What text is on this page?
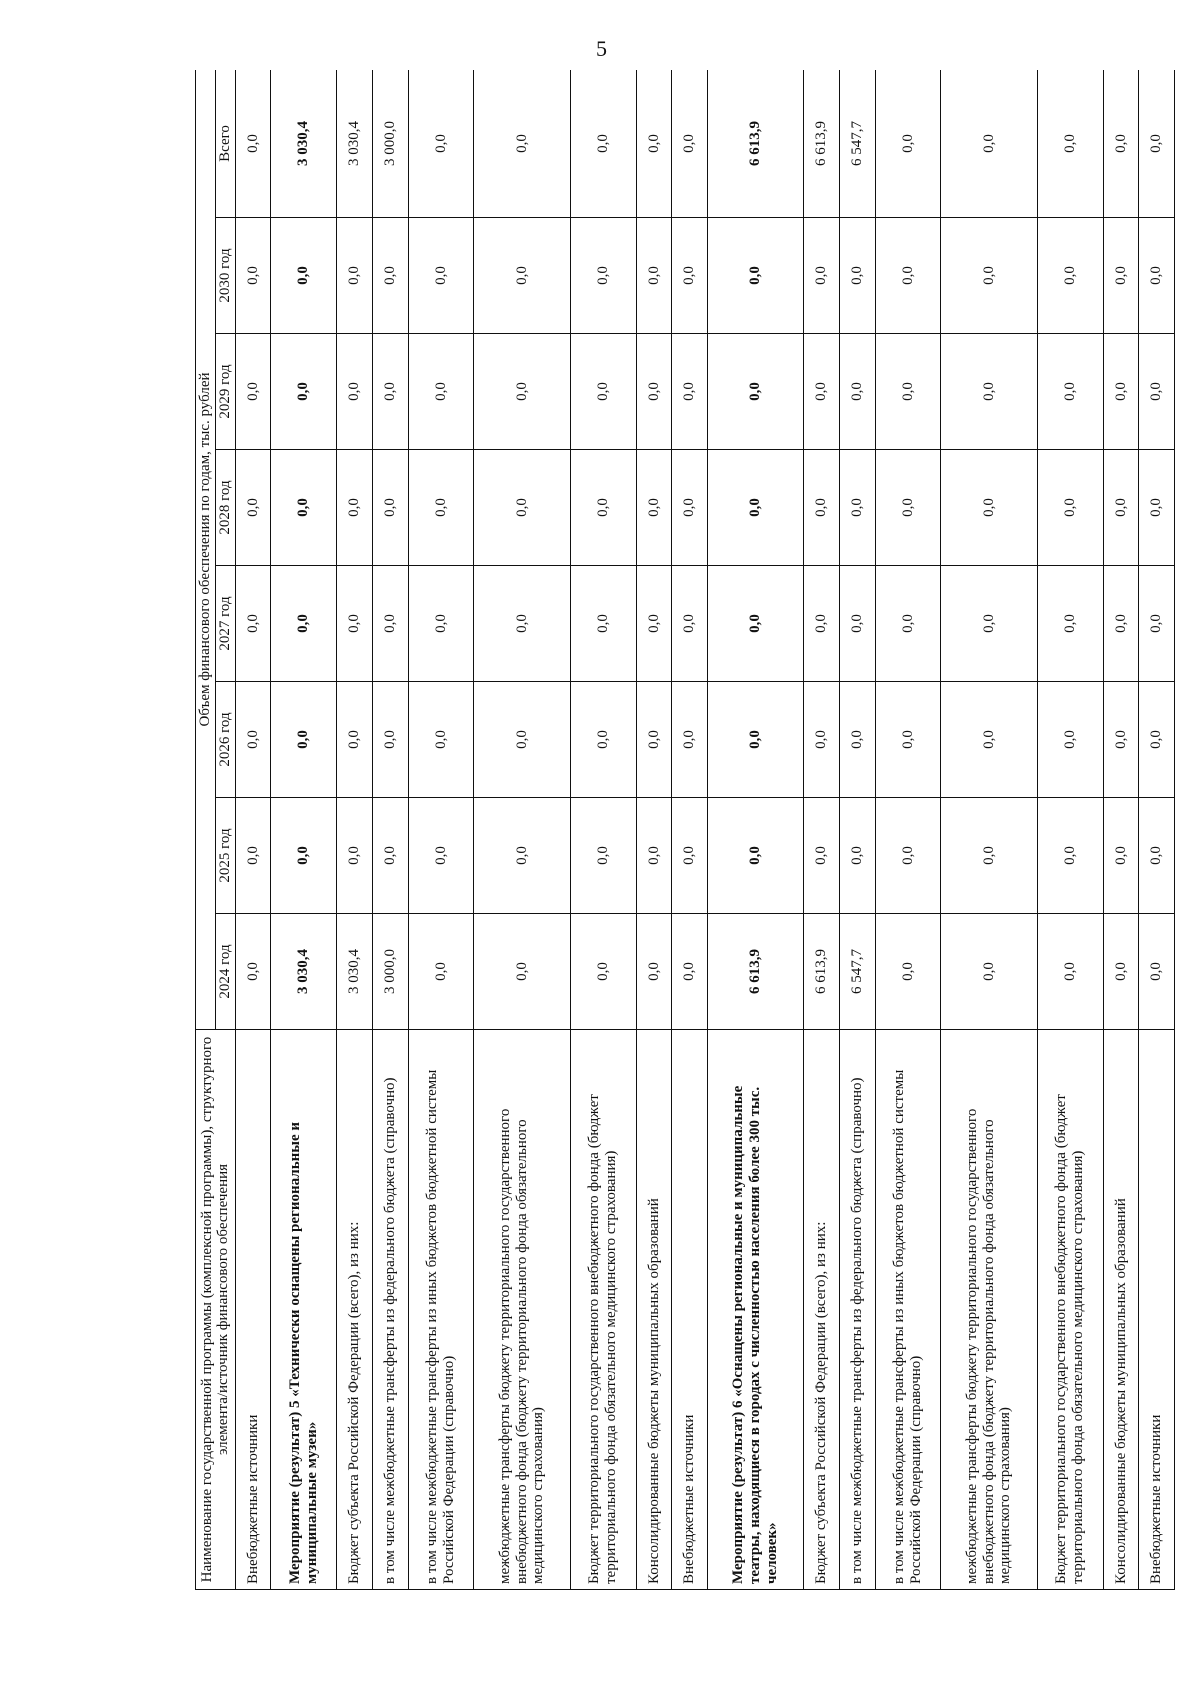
5
Наименование государственной программы (комплексной программы), структурного элемента/источник финансового обеспечения	Объем финансового обеспечения по годам, тыс. рублей							
	2024 год	2025 год	2026 год	2027 год	2028 год	2029 год	2030 год	Всего
Внебюджетные источники	0,0	0,0	0,0	0,0	0,0	0,0	0,0	0,0
Мероприятие (результат) 5 «Технически оснащены региональные и муниципальные музеи»	3 030,4	0,0	0,0	0,0	0,0	0,0	0,0	3 030,4
Бюджет субъекта Российской Федерации (всего), из них:	3 030,4	0,0	0,0	0,0	0,0	0,0	0,0	3 030,4
в том числе межбюджетные трансферты из федерального бюджета (справочно)	3 000,0	0,0	0,0	0,0	0,0	0,0	0,0	3 000,0
в том числе межбюджетные трансферты из иных бюджетов бюджетной системы Российской Федерации (справочно)	0,0	0,0	0,0	0,0	0,0	0,0	0,0	0,0
межбюджетные трансферты бюджету территориального государственного внебюджетного фонда (бюджету территориального фонда обязательного медицинского страхования)	0,0	0,0	0,0	0,0	0,0	0,0	0,0	0,0
Бюджет территориального государственного внебюджетного фонда (бюджет территориального фонда обязательного медицинского страхования)	0,0	0,0	0,0	0,0	0,0	0,0	0,0	0,0
Консолидированные бюджеты муниципальных образований	0,0	0,0	0,0	0,0	0,0	0,0	0,0	0,0
Внебюджетные источники	0,0	0,0	0,0	0,0	0,0	0,0	0,0	0,0
Мероприятие (результат) 6 «Оснащены региональные и муниципальные театры, находящиеся в городах с численностью населения более 300 тыс. человек»	6 613,9	0,0	0,0	0,0	0,0	0,0	0,0	6 613,9
Бюджет субъекта Российской Федерации (всего), из них:	6 613,9	0,0	0,0	0,0	0,0	0,0	0,0	6 613,9
в том числе межбюджетные трансферты из федерального бюджета (справочно)	6 547,7	0,0	0,0	0,0	0,0	0,0	0,0	6 547,7
в том числе межбюджетные трансферты из иных бюджетов бюджетной системы Российской Федерации (справочно)	0,0	0,0	0,0	0,0	0,0	0,0	0,0	0,0
межбюджетные трансферты бюджету территориального государственного внебюджетного фонда (бюджету территориального фонда обязательного медицинского страхования)	0,0	0,0	0,0	0,0	0,0	0,0	0,0	0,0
Бюджет территориального государственного внебюджетного фонда (бюджет территориального фонда обязательного медицинского страхования)	0,0	0,0	0,0	0,0	0,0	0,0	0,0	0,0
Консолидированные бюджеты муниципальных образований	0,0	0,0	0,0	0,0	0,0	0,0	0,0	0,0
Внебюджетные источники	0,0	0,0	0,0	0,0	0,0	0,0	0,0	0,0
